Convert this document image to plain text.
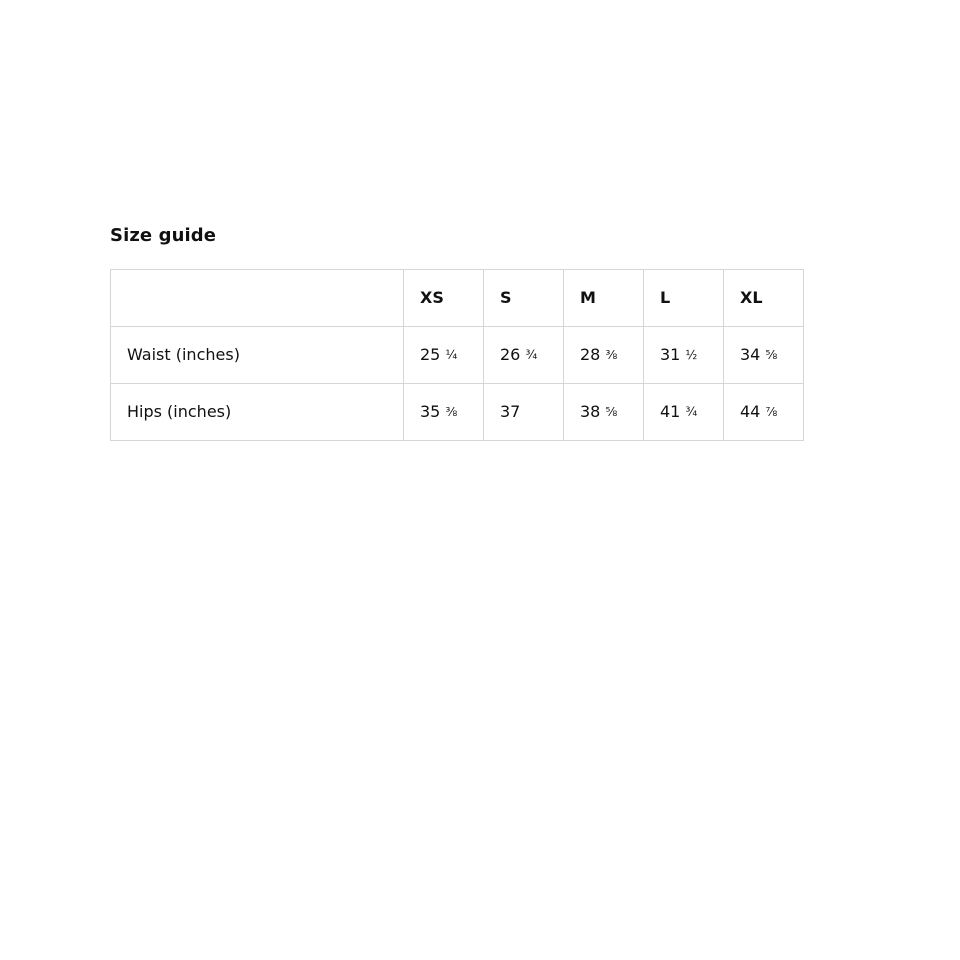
Size guide
	XS	S	M	L	XL
Waist (inches)	25 ¼	26 ¾	28 ⅜	31 ½	34 ⅝
Hips (inches)	35 ⅜	37	38 ⅝	41 ¾	44 ⅞
